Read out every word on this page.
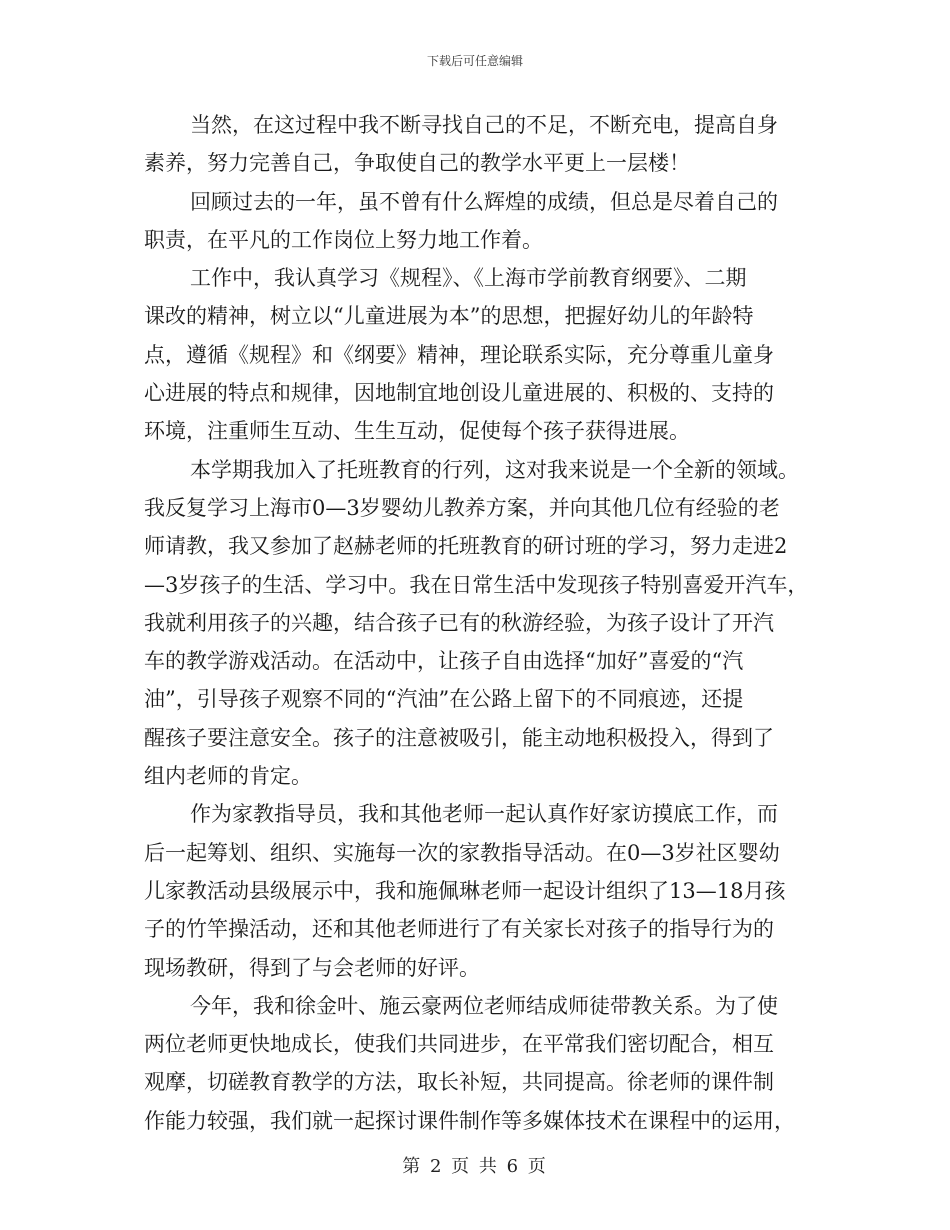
下载后可任意编辑
当然，在这过程中我不断寻找自己的不足，不断充电，提高自身
素养，努力完善自己，争取使自己的教学水平更上一层楼！
回顾过去的一年，虽不曾有什么辉煌的成绩，但总是尽着自己的
职责，在平凡的工作岗位上努力地工作着。
工作中，我认真学习《规程》、《上海市学前教育纲要》、二期
课改的精神，树立以“儿童进展为本”的思想，把握好幼儿的年龄特
点，遵循《规程》和《纲要》精神，理论联系实际，充分尊重儿童身
心进展的特点和规律，因地制宜地创设儿童进展的、积极的、支持的
环境，注重师生互动、生生互动，促使每个孩子获得进展。
本学期我加入了托班教育的行列，这对我来说是一个全新的领域。
我反复学习上海市0—3岁婴幼儿教养方案，并向其他几位有经验的老
师请教，我又参加了赵赫老师的托班教育的研讨班的学习，努力走进2
—3岁孩子的生活、学习中。我在日常生活中发现孩子特别喜爱开汽车，
我就利用孩子的兴趣，结合孩子已有的秋游经验，为孩子设计了开汽
车的教学游戏活动。在活动中，让孩子自由选择“加好”喜爱的“汽
油”，引导孩子观察不同的“汽油”在公路上留下的不同痕迹，还提
醒孩子要注意安全。孩子的注意被吸引，能主动地积极投入，得到了
组内老师的肯定。
作为家教指导员，我和其他老师一起认真作好家访摸底工作，而
后一起筹划、组织、实施每一次的家教指导活动。在0—3岁社区婴幼
儿家教活动县级展示中，我和施佩琳老师一起设计组织了13—18月孩
子的竹竿操活动，还和其他老师进行了有关家长对孩子的指导行为的
现场教研，得到了与会老师的好评。
今年，我和徐金叶、施云豪两位老师结成师徒带教关系。为了使
两位老师更快地成长，使我们共同进步，在平常我们密切配合，相互
观摩，切磋教育教学的方法，取长补短，共同提高。徐老师的课件制
作能力较强，我们就一起探讨课件制作等多媒体技术在课程中的运用，
第 2 页 共 6 页
